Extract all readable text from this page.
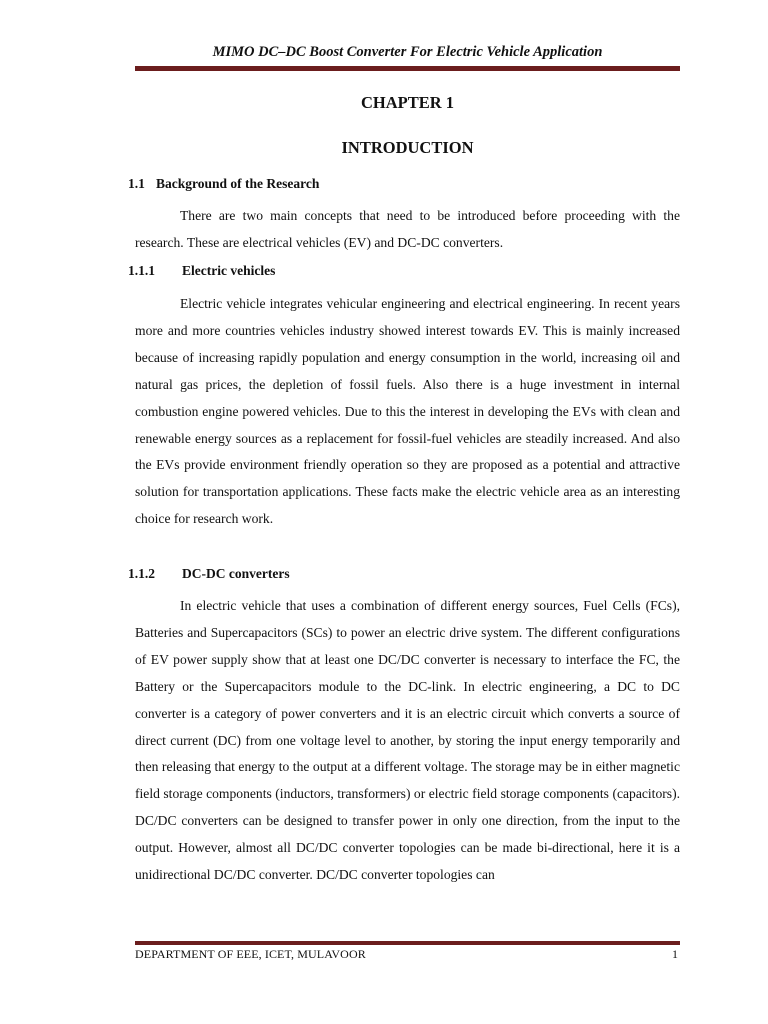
MIMO DC–DC Boost Converter For Electric Vehicle Application
CHAPTER 1
INTRODUCTION
1.1 Background of the Research

There are two main concepts that need to be introduced before proceeding with the research. These are electrical vehicles (EV) and DC-DC converters.

1.1.1 Electric vehicles

Electric vehicle integrates vehicular engineering and electrical engineering. In recent years more and more countries vehicles industry showed interest towards EV. This is mainly increased because of increasing rapidly population and energy consumption in the world, increasing oil and natural gas prices, the depletion of fossil fuels. Also there is a huge investment in internal combustion engine powered vehicles. Due to this the interest in developing the EVs with clean and renewable energy sources as a replacement for fossil-fuel vehicles are steadily increased. And also the EVs provide environment friendly operation so they are proposed as a potential and attractive solution for transportation applications. These facts make the electric vehicle area as an interesting choice for research work.

1.1.2 DC-DC converters

In electric vehicle that uses a combination of different energy sources, Fuel Cells (FCs), Batteries and Supercapacitors (SCs) to power an electric drive system. The different configurations of EV power supply show that at least one DC/DC converter is necessary to interface the FC, the Battery or the Supercapacitors module to the DC-link. In electric engineering, a DC to DC converter is a category of power converters and it is an electric circuit which converts a source of direct current (DC) from one voltage level to another, by storing the input energy temporarily and then releasing that energy to the output at a different voltage. The storage may be in either magnetic field storage components (inductors, transformers) or electric field storage components (capacitors). DC/DC converters can be designed to transfer power in only one direction, from the input to the output. However, almost all DC/DC converter topologies can be made bi-directional, here it is a unidirectional DC/DC converter. DC/DC converter topologies can

DEPARTMENT OF EEE, ICET, MULAVOOR	1
